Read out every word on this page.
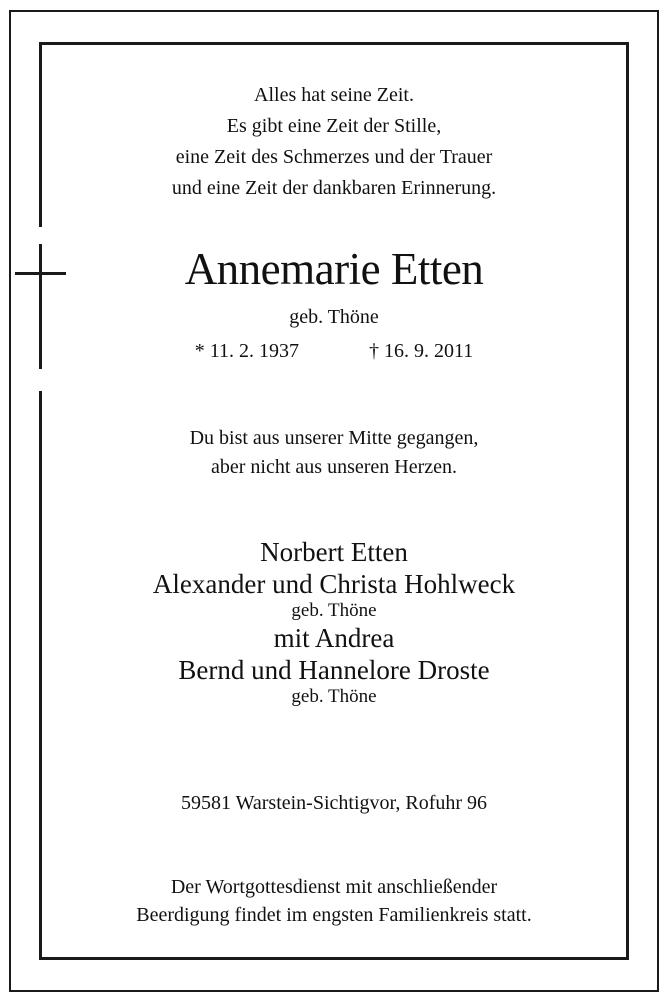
Alles hat seine Zeit.
Es gibt eine Zeit der Stille,
eine Zeit des Schmerzes und der Trauer
und eine Zeit der dankbaren Erinnerung.
Annemarie Etten
geb. Thöne
* 11. 2. 1937	† 16. 9. 2011
Du bist aus unserer Mitte gegangen,
aber nicht aus unseren Herzen.
Norbert Etten
Alexander und Christa Hohlweck
geb. Thöne
mit Andrea
Bernd und Hannelore Droste
geb. Thöne
59581 Warstein-Sichtigvor, Rofuhr 96
Der Wortgottesdienst mit anschließender
Beerdigung findet im engsten Familienkreis statt.
